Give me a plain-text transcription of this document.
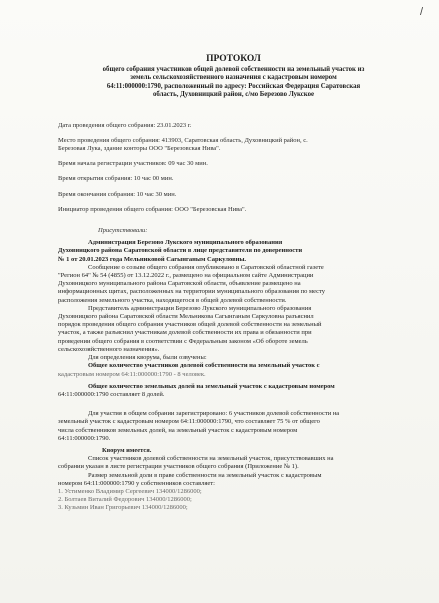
/
ПРОТОКОЛ
общего собрания участников общей долевой собственности на земельный участок из
земель сельскохозяйственного назначения с кадастровым номером
64:11:000000:1790, расположенный по адресу: Российская Федерация Саратовская
область, Духовницкий район, с/мо Березово Лукское

Дата проведения общего собрания: 23.01.2023 г.

Место проведения общего собрания: 413903, Саратовская область, Духовницкий район, с.

Березовая Лука, здание конторы ООО "Березовская Нива".

Время начала регистрации участников: 09 час 30 мин.

Время открытия собрания: 10 час 00 мин.

Время окончания собрания: 10 час 30 мин.

Инициатор проведения общего собрания: ООО "Березовская Нива".

Присутствовали:

Администрация Березово Лукского муниципального образования

Духовницкого района Саратовской области в лице представителя по доверенности

№ 1 от 20.01.2023 года Мельниковой Сагынганым Саркуловны.

Сообщение о созыве общего собрания опубликовано в Саратовской областной газете

"Регион 64" № 54 (4855) от 13.12.2022 г., размещено на официальном сайте Администрации

Духовницкого муниципального района Саратовской области, объявление размещено на

информационных щитах, расположенных на территории муниципального образования по месту

расположения земельного участка, находящегося в общей долевой собственности.

Представитель администрации Березово Лукского муниципального образования

Духовницкого района Саратовской области Мельникова Сагынганым Саркуловна разъяснил

порядок проведения общего собрания участников общей долевой собственности на земельный

участок, а также разъяснил участникам долевой собственности их права и обязанности при

проведении общего собрания в соответствии с Федеральным законом «Об обороте земель

сельскохозяйственного назначения».

Для определения кворума, были озвучены:

Общее количество участников долевой собственности на земельный участок с

кадастровым номером 64:11:000000:1790 - 8 человек.

Общее количество земельных долей на земельный участок с кадастровым номером

64:11:000000:1790 составляет 8 долей.

Для участия в общем собрании зарегистрировано: 6 участников долевой собственности на

земельный участок с кадастровым номером 64:11:000000:1790, что составляет 75 % от общего

числа собственников земельных долей, на земельный участок с кадастровым номером

64:11:000000:1790.

Кворум имеется.

Список участников долевой собственности на земельный участок, присутствовавших на

собрании указан в листе регистрации участников общего собрания (Приложение № 1).

Размер земельной доли в праве собственности на земельный участок с кадастровым

номером 64:11:000000:1790 у собственников составляет:

1. Устименко Владимир Сергеевич 134000/1286000;

2. Болтаев Виталий Федорович 134000/1286000;

3. Кузьмин Иван Григорьевич 134000/1286000;
